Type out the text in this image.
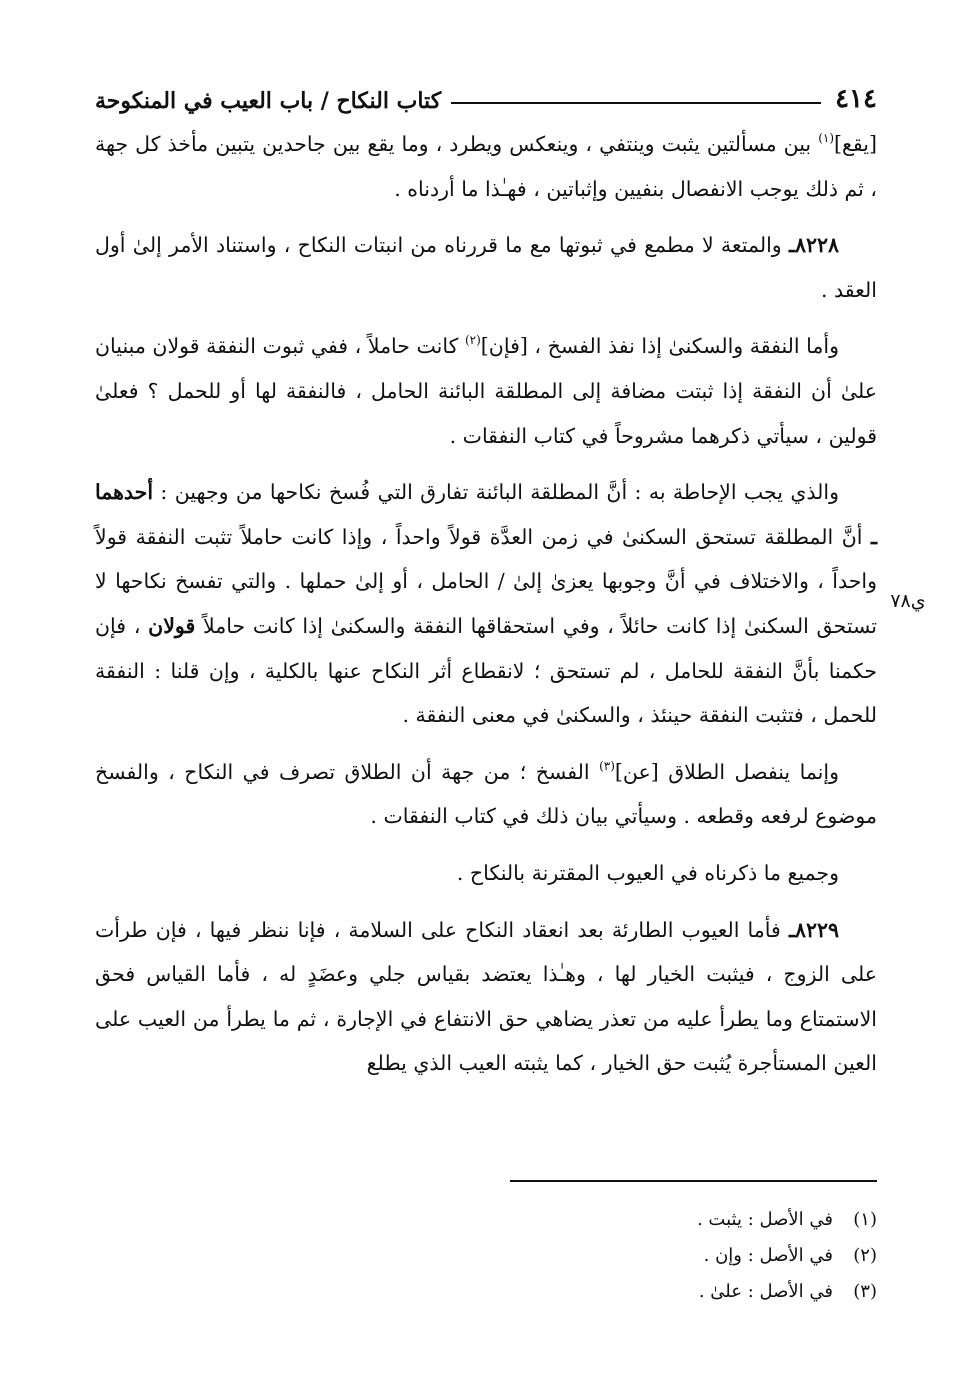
٤١٤
كتاب النكاح / باب العيب في المنكوحة
ي٧٨

[يقع]$^{(١)}$ بين مسألتين يثبت وينتفي ، وينعكس ويطرد ، وما يقع بين جاحدين يتبين مأخذ كل جهة ، ثم ذلك يوجب الانفصال بنفيين وإثباتين ، فهـٰذا ما أردناه .

٨٢٢٨ـ والمتعة لا مطمع في ثبوتها مع ما قررناه من انبتات النكاح ، واستناد الأمر إلىٰ أول العقد .

وأما النفقة والسكنىٰ إذا نفذ الفسخ ، [فإن]$^{(٢)}$ كانت حاملاً ، ففي ثبوت النفقة قولان مبنيان علىٰ أن النفقة إذا ثبتت مضافة إلى المطلقة البائنة الحامل ، فالنفقة لها أو للحمل ؟ فعلىٰ قولين ، سيأتي ذكرهما مشروحاً في كتاب النفقات .

والذي يجب الإحاطة به : أنَّ المطلقة البائنة تفارق التي فُسخ نكاحها من وجهين : أحدهما ـ أنَّ المطلقة تستحق السكنىٰ في زمن العدَّة قولاً واحداً ، وإذا كانت حاملاً تثبت النفقة قولاً واحداً ، والاختلاف في أنَّ وجوبها يعزىٰ إلىٰ / الحامل ، أو إلىٰ حملها . والتي تفسخ نكاحها لا تستحق السكنىٰ إذا كانت حائلاً ، وفي استحقاقها النفقة والسكنىٰ إذا كانت حاملاً قولان ، فإن حكمنا بأنَّ النفقة للحامل ، لم تستحق ؛ لانقطاع أثر النكاح عنها بالكلية ، وإن قلنا : النفقة للحمل ، فتثبت النفقة حينئذ ، والسكنىٰ في معنى النفقة .

وإنما ينفصل الطلاق [عن]$^{(٣)}$ الفسخ ؛ من جهة أن الطلاق تصرف في النكاح ، والفسخ موضوع لرفعه وقطعه . وسيأتي بيان ذلك في كتاب النفقات .

وجميع ما ذكرناه في العيوب المقترنة بالنكاح .

٨٢٢٩ـ فأما العيوب الطارئة بعد انعقاد النكاح على السلامة ، فإنا ننظر فيها ، فإن طرأت على الزوج ، فيثبت الخيار لها ، وهـٰذا يعتضد بقياس جلي وعضَدٍ له ، فأما القياس فحق الاستمتاع وما يطرأ عليه من تعذر يضاهي حق الانتفاع في الإجارة ، ثم ما يطرأ من العيب على العين المستأجرة يُثبت حق الخيار ، كما يثبته العيب الذي يطلع

(١)
في الأصل : يثبت .
(٢)
في الأصل : وإن .
(٣)
في الأصل : علىٰ .
